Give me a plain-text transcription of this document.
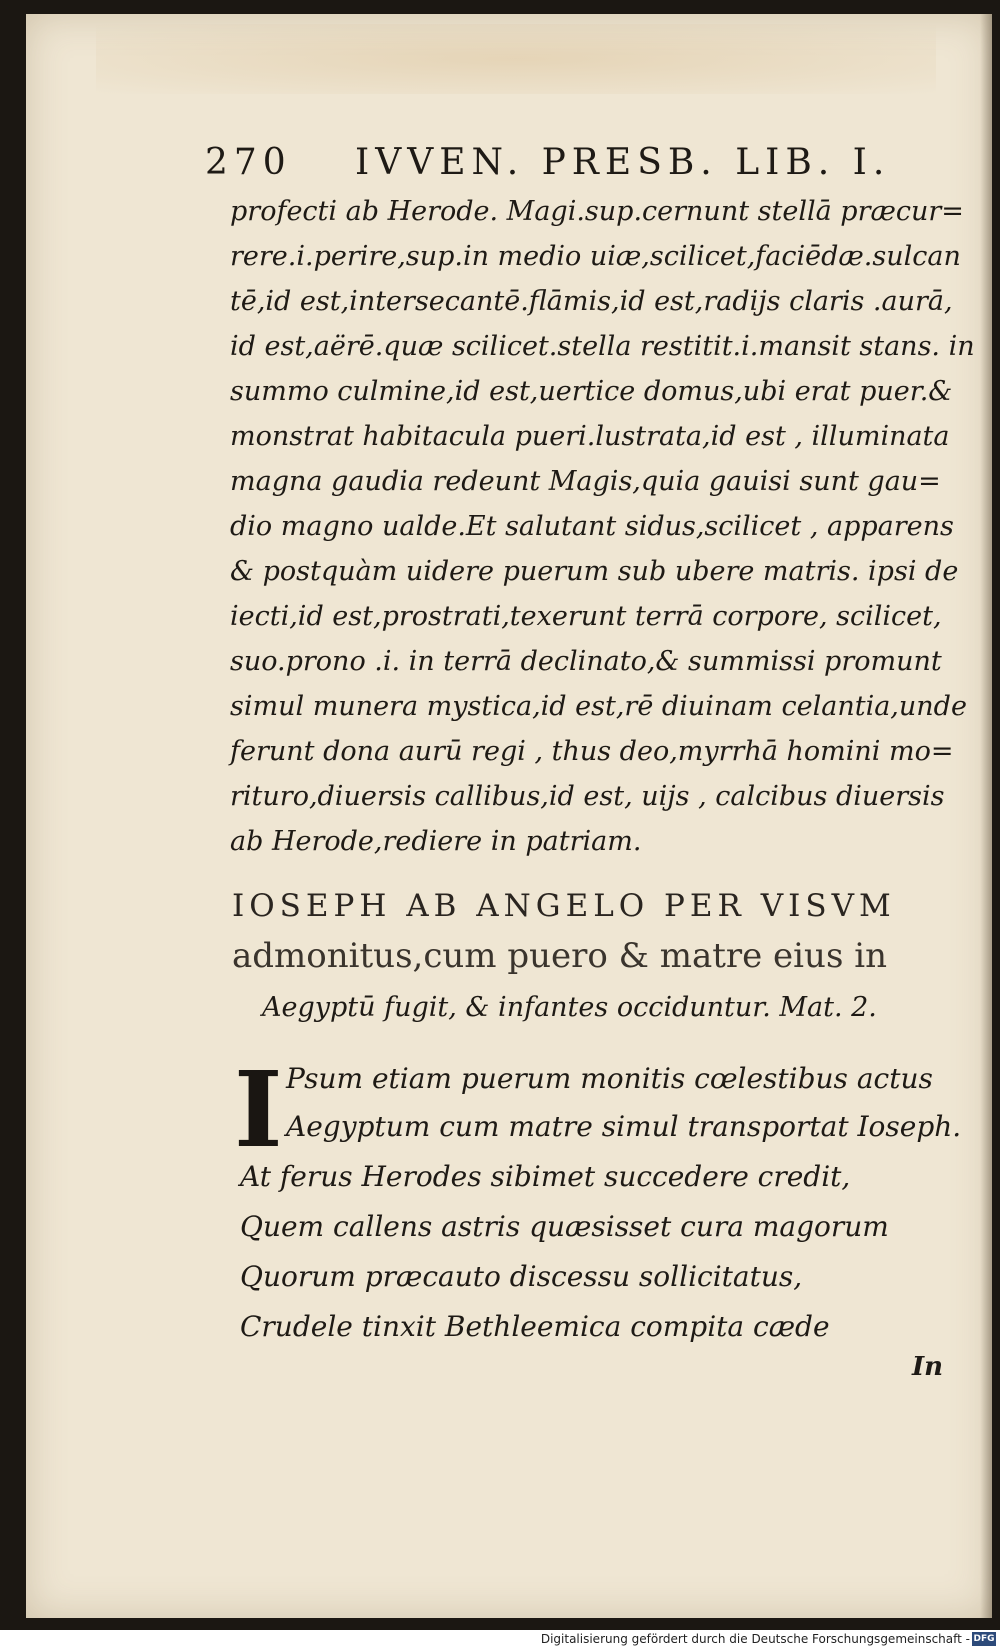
270 IVVEN. PRESB. LIB. I.
profecti ab Herode. Magi.sup.cernunt stellā præcur=
rere.i.perire,sup.in medio uiæ,scilicet,faciēdæ.sulcan
tē,id est,intersecantē.flāmis,id est,radijs claris .aurā,
id est,aërē.quæ scilicet.stella restitit.i.mansit stans. in
summo culmine,id est,uertice domus,ubi erat puer.&
monstrat habitacula pueri.lustrata,id est , illuminata
magna gaudia redeunt Magis,quia gauisi sunt gau=
dio magno ualde.Et salutant sidus,scilicet , apparens
& postquàm uidere puerum sub ubere matris. ipsi de
iecti,id est,prostrati,texerunt terrā corpore, scilicet,
suo.prono .i. in terrā declinato,& summissi promunt
simul munera mystica,id est,rē diuinam celantia,unde
ferunt dona aurū regi , thus deo,myrrhā homini mo=
rituro,diuersis callibus,id est, uijs , calcibus diuersis
ab Herode,rediere in patriam.
IOSEPH AB ANGELO PER VISVM
admonitus,cum puero & matre eius in
Aegyptū fugit, & infantes occiduntur. Mat. 2.
I Psum etiam puerum monitis cœlestibus actus
Aegyptum cum matre simul transportat Ioseph.
At ferus Herodes sibimet succedere credit,
Quem callens astris quæsisset cura magorum
Quorum præcauto discessu sollicitatus,
Crudele tinxit Bethleemica compita cæde
In
Digitalisierung gefördert durch die Deutsche Forschungsgemeinschaft - DFG
